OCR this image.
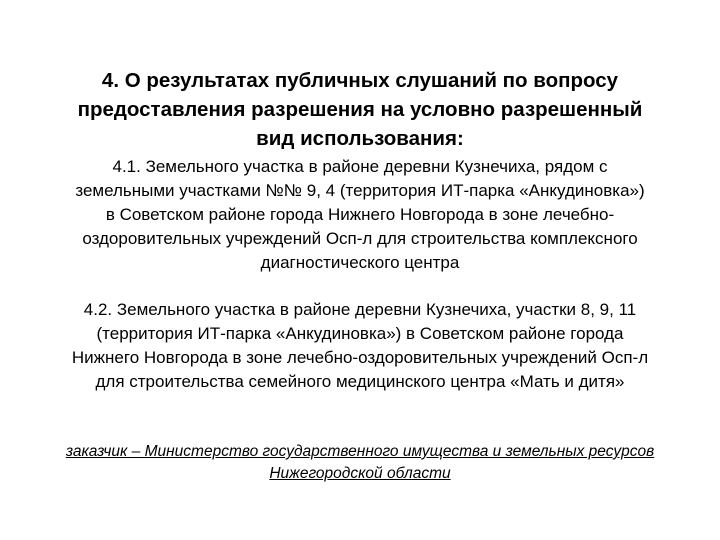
4. О результатах публичных слушаний по вопросу
предоставления разрешения на условно разрешенный
вид использования:

4.1. Земельного участка в районе деревни Кузнечиха, рядом с
земельными участками №№ 9, 4 (территория ИТ-парка «Анкудиновка»)
в Советском районе города Нижнего Новгорода в зоне лечебно-
оздоровительных учреждений Осп-л для строительства комплексного
диагностического центра

4.2. Земельного участка в районе деревни Кузнечиха, участки 8, 9, 11
(территория ИТ-парка «Анкудиновка») в Советском районе города
Нижнего Новгорода в зоне лечебно-оздоровительных учреждений Осп-л
для строительства семейного медицинского центра «Мать и дитя»

заказчик – Министерство государственного имущества и земельных ресурсов
Нижегородской области
